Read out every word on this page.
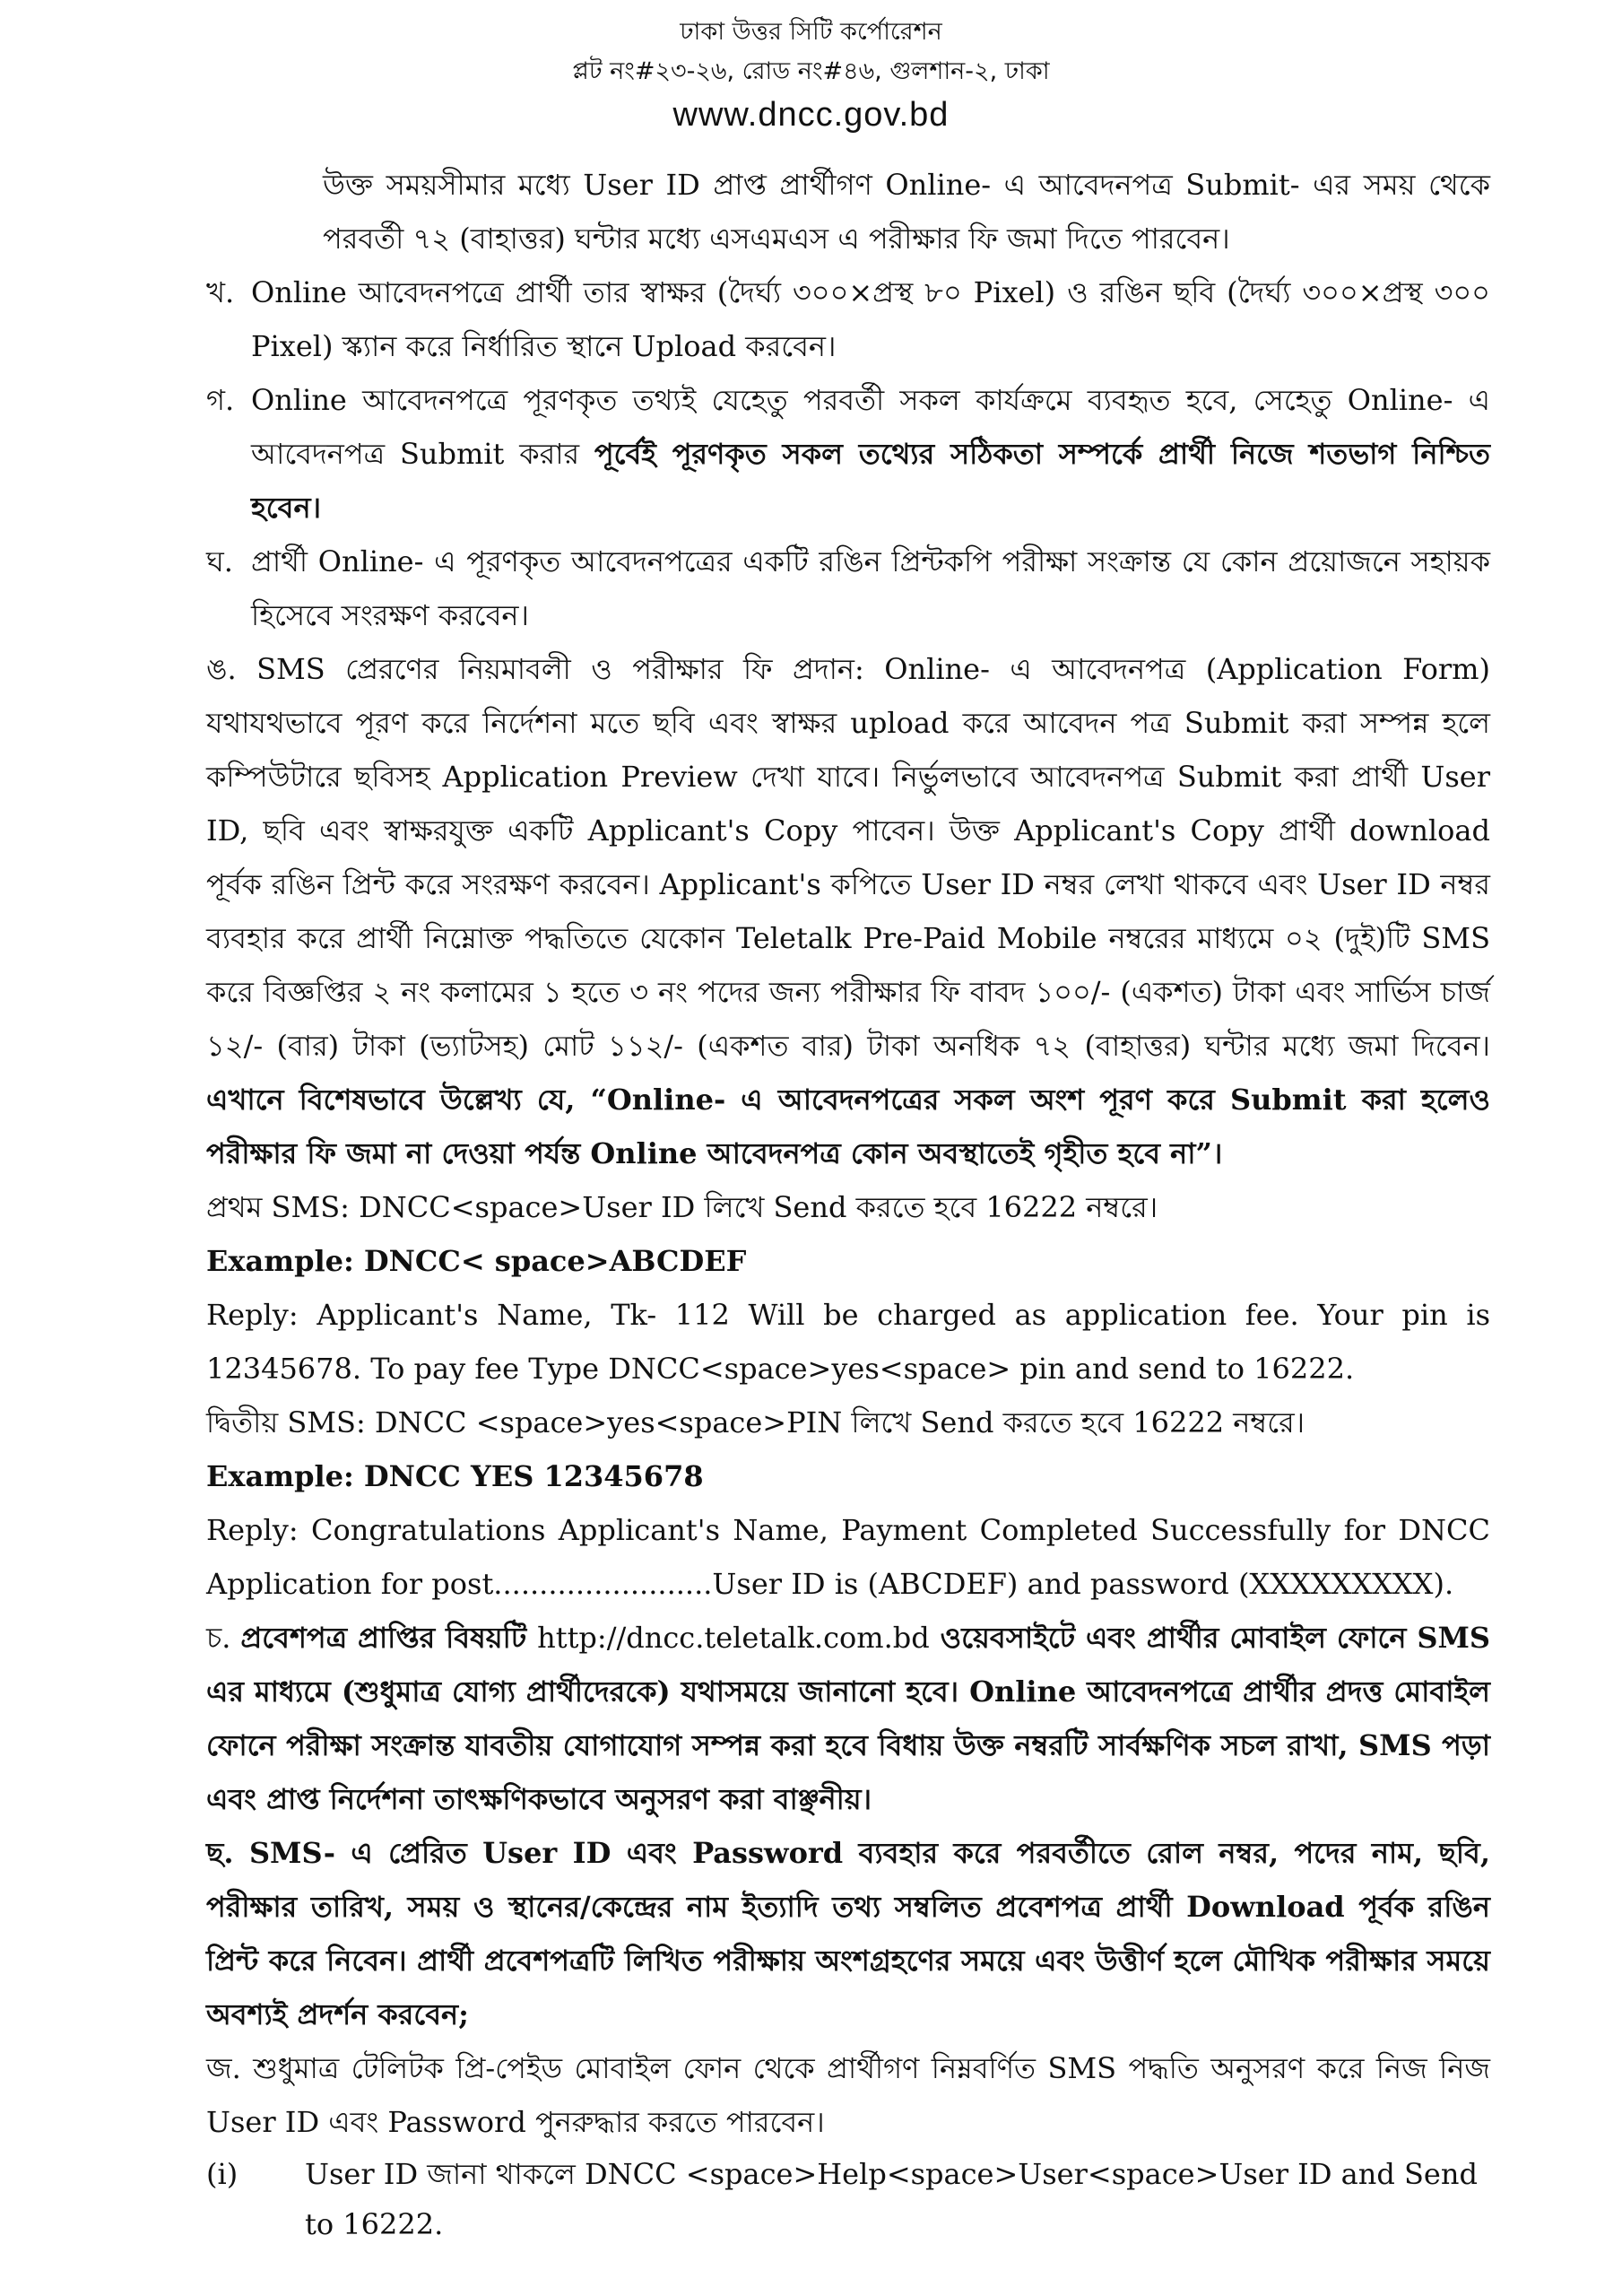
ঢাকা উত্তর সিটি কর্পোরেশন
প্লট নং#২৩-২৬, রোড নং#৪৬, গুলশান-২, ঢাকা
www.dncc.gov.bd

উক্ত সময়সীমার মধ্যে User ID প্রাপ্ত প্রার্থীগণ Online- এ আবেদনপত্র Submit- এর সময় থেকে পরবর্তী ৭২ (বাহাত্তর) ঘন্টার মধ্যে এসএমএস এ পরীক্ষার ফি জমা দিতে পারবেন।

খ. Online আবেদনপত্রে প্রার্থী তার স্বাক্ষর (দৈর্ঘ্য ৩০০×প্রস্থ ৮০ Pixel) ও রঙিন ছবি (দৈর্ঘ্য ৩০০×প্রস্থ ৩০০ Pixel) স্ক্যান করে নির্ধারিত স্থানে Upload করবেন।
গ. Online আবেদনপত্রে পূরণকৃত তথ্যই যেহেতু পরবর্তী সকল কার্যক্রমে ব্যবহৃত হবে, সেহেতু Online- এ আবেদনপত্র Submit করার পূর্বেই পূরণকৃত সকল তথ্যের সঠিকতা সম্পর্কে প্রার্থী নিজে শতভাগ নিশ্চিত হবেন।
ঘ. প্রার্থী Online- এ পূরণকৃত আবেদনপত্রের একটি রঙিন প্রিন্টকপি পরীক্ষা সংক্রান্ত যে কোন প্রয়োজনে সহায়ক হিসেবে সংরক্ষণ করবেন।

ঙ. SMS প্রেরণের নিয়মাবলী ও পরীক্ষার ফি প্রদান: Online- এ আবেদনপত্র (Application Form) যথাযথভাবে পূরণ করে নির্দেশনা মতে ছবি এবং স্বাক্ষর upload করে আবেদন পত্র Submit করা সম্পন্ন হলে কম্পিউটারে ছবিসহ Application Preview দেখা যাবে। নির্ভুলভাবে আবেদনপত্র Submit করা প্রার্থী User ID, ছবি এবং স্বাক্ষরযুক্ত একটি Applicant's Copy পাবেন। উক্ত Applicant's Copy প্রার্থী download পূর্বক রঙিন প্রিন্ট করে সংরক্ষণ করবেন। Applicant's কপিতে User ID নম্বর লেখা থাকবে এবং User ID নম্বর ব্যবহার করে প্রার্থী নিম্নোক্ত পদ্ধতিতে যেকোন Teletalk Pre-Paid Mobile নম্বরের মাধ্যমে ০২ (দুই)টি SMS করে বিজ্ঞপ্তির ২ নং কলামের ১ হতে ৩ নং পদের জন্য পরীক্ষার ফি বাবদ ১০০/- (একশত) টাকা এবং সার্ভিস চার্জ ১২/- (বার) টাকা (ভ্যাটসহ) মোট ১১২/- (একশত বার) টাকা অনধিক ৭২ (বাহাত্তর) ঘন্টার মধ্যে জমা দিবেন। এখানে বিশেষভাবে উল্লেখ্য যে, “Online- এ আবেদনপত্রের সকল অংশ পূরণ করে Submit করা হলেও পরীক্ষার ফি জমা না দেওয়া পর্যন্ত Online আবেদনপত্র কোন অবস্থাতেই গৃহীত হবে না”।

প্রথম SMS: DNCC<space>User ID লিখে Send করতে হবে 16222 নম্বরে।

Example: DNCC< space>ABCDEF

Reply: Applicant's Name, Tk- 112 Will be charged as application fee. Your pin is 12345678. To pay fee Type DNCC<space>yes<space> pin and send to 16222.

দ্বিতীয় SMS: DNCC <space>yes<space>PIN লিখে Send করতে হবে 16222 নম্বরে।

Example: DNCC YES 12345678

Reply: Congratulations Applicant's Name, Payment Completed Successfully for DNCC Application for post........................User ID is (ABCDEF) and password (XXXXXXXXX).

চ. প্রবেশপত্র প্রাপ্তির বিষয়টি http://dncc.teletalk.com.bd ওয়েবসাইটে এবং প্রার্থীর মোবাইল ফোনে SMS এর মাধ্যমে (শুধুমাত্র যোগ্য প্রার্থীদেরকে) যথাসময়ে জানানো হবে। Online আবেদনপত্রে প্রার্থীর প্রদত্ত মোবাইল ফোনে পরীক্ষা সংক্রান্ত যাবতীয় যোগাযোগ সম্পন্ন করা হবে বিধায় উক্ত নম্বরটি সার্বক্ষণিক সচল রাখা, SMS পড়া এবং প্রাপ্ত নির্দেশনা তাৎক্ষণিকভাবে অনুসরণ করা বাঞ্ছনীয়।

ছ. SMS- এ প্রেরিত User ID এবং Password ব্যবহার করে পরবর্তীতে রোল নম্বর, পদের নাম, ছবি, পরীক্ষার তারিখ, সময় ও স্থানের/কেন্দ্রের নাম ইত্যাদি তথ্য সম্বলিত প্রবেশপত্র প্রার্থী Download পূর্বক রঙিন প্রিন্ট করে নিবেন। প্রার্থী প্রবেশপত্রটি লিখিত পরীক্ষায় অংশগ্রহণের সময়ে এবং উত্তীর্ণ হলে মৌখিক পরীক্ষার সময়ে অবশ্যই প্রদর্শন করবেন;

জ. শুধুমাত্র টেলিটক প্রি-পেইড মোবাইল ফোন থেকে প্রার্থীগণ নিম্নবর্ণিত SMS পদ্ধতি অনুসরণ করে নিজ নিজ User ID এবং Password পুনরুদ্ধার করতে পারবেন।

(i)	User ID জানা থাকলে DNCC <space>Help<space>User<space>User ID and Send to 16222.
